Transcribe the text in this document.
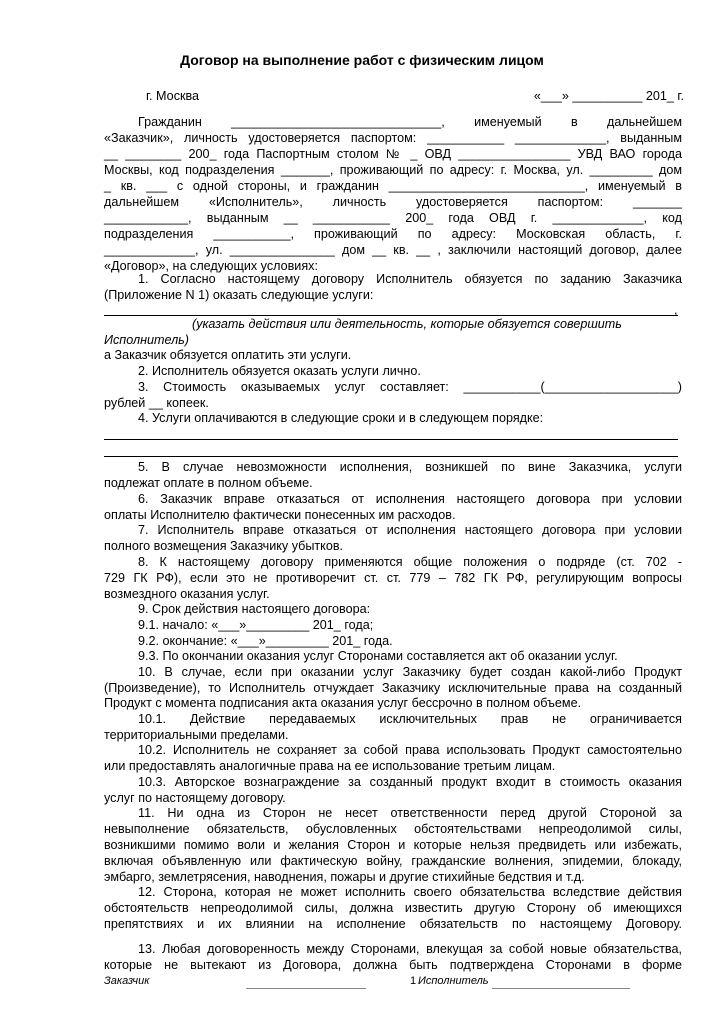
Договор на выполнение работ с физическим лицом
г. Москва	«___» __________ 201_ г.
Гражданин ______________________________, именуемый в дальнейшем
«Заказчик», личность удостоверяется паспортом: ___________ _____________, выданным
__ ________ 200_ года Паспортным столом № _ ОВД ________________ УВД ВАО города
Москвы, код подразделения _______, проживающий по адресу: г. Москва, ул. _________ дом
_ кв. ___ с одной стороны, и гражданин ____________________________, именуемый в
дальнейшем «Исполнитель», личность удостоверяется паспортом: _______
____________, выданным __ ___________ 200_ года ОВД г. _____________, код
подразделения ___________, проживающий по адресу: Московская область, г.
_____________, ул. _______________ дом __ кв. __ , заключили настоящий договор, далее
«Договор», на следующих условиях:
1. Согласно настоящему договору Исполнитель обязуется по заданию Заказчика
(Приложение N 1) оказать следующие услуги:
,
(указать действия или деятельность, которые обязуется совершить
Исполнитель)
а Заказчик обязуется оплатить эти услуги.
2. Исполнитель обязуется оказать услуги лично.
3. Стоимость оказываемых услуг составляет: ___________(___________________)
рублей __ копеек.
4. Услуги оплачиваются в следующие сроки и в следующем порядке:
5. В случае невозможности исполнения, возникшей по вине Заказчика, услуги
подлежат оплате в полном объеме.
6. Заказчик вправе отказаться от исполнения настоящего договора при условии
оплаты Исполнителю фактически понесенных им расходов.
7. Исполнитель вправе отказаться от исполнения настоящего договора при условии
полного возмещения Заказчику убытков.
8. К настоящему договору применяются общие положения о подряде (ст. 702 -
729 ГК РФ), если это не противоречит ст. ст. 779 – 782 ГК РФ, регулирующим вопросы
возмездного оказания услуг.
9. Срок действия настоящего договора:
9.1. начало: «___»_________ 201_ года;
9.2. окончание: «___»_________ 201_ года.
9.3. По окончании оказания услуг Сторонами составляется акт об оказании услуг.
10. В случае, если при оказании услуг Заказчику будет создан какой-либо Продукт
(Произведение), то Исполнитель отчуждает Заказчику исключительные права на созданный
Продукт с момента подписания акта оказания услуг бессрочно в полном объеме.
10.1. Действие передаваемых исключительных прав не ограничивается
территориальными пределами.
10.2. Исполнитель не сохраняет за собой права использовать Продукт самостоятельно
или предоставлять аналогичные права на ее использование третьим лицам.
10.3. Авторское вознаграждение за созданный продукт входит в стоимость оказания
услуг по настоящему договору.
11. Ни одна из Сторон не несет ответственности перед другой Стороной за
невыполнение обязательств, обусловленных обстоятельствами непреодолимой силы,
возникшими помимо воли и желания Сторон и которые нельзя предвидеть или избежать,
включая объявленную или фактическую войну, гражданские волнения, эпидемии, блокаду,
эмбарго, землетрясения, наводнения, пожары и другие стихийные бедствия и т.д.
12. Сторона, которая не может исполнить своего обязательства вследствие действия
обстоятельств непреодолимой силы, должна известить другую Сторону об имеющихся
препятствиях и их влиянии на исполнение обязательств по настоящему Договору.
13. Любая договоренность между Сторонами, влекущая за собой новые обязательства,
которые не вытекают из Договора, должна быть подтверждена Сторонами в форме
Заказчик	1 Исполнитель
